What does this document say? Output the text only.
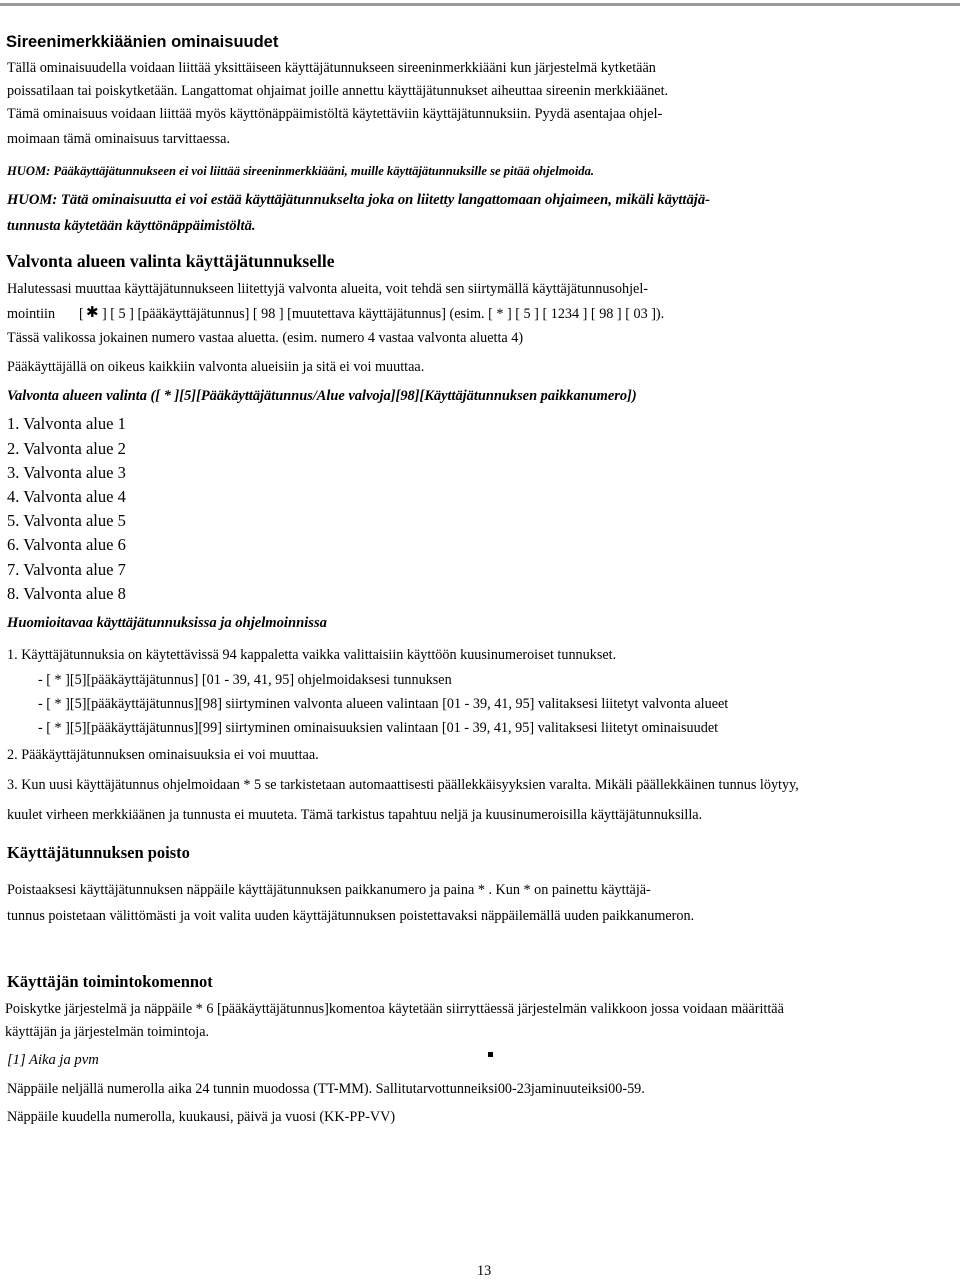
Sireenimerkkiäänien ominaisuudet
Tällä ominaisuudella voidaan liittää yksittäiseen käyttäjätunnukseen sireeninmerkkiääni kun järjestelmä kytketään
poissatilaan tai poiskytketään. Langattomat ohjaimat joille annettu käyttäjätunnukset aiheuttaa sireenin merkkiäänet.
Tämä ominaisuus voidaan liittää myös käyttönäppäimistöltä käytettäviin käyttäjätunnuksiin. Pyydä asentajaa ohjel-
moimaan tämä ominaisuus tarvittaessa.
HUOM: Pääkäyttäjätunnukseen ei voi liittää sireeninmerkkiääni, muille käyttäjätunnuksille se pitää ohjelmoida.
HUOM: Tätä ominaisuutta ei voi estää käyttäjätunnukselta joka on liitetty langattomaan ohjaimeen, mikäli käyttäjä-
tunnusta käytetään käyttönäppäimistöltä.
Valvonta alueen valinta käyttäjätunnukselle
Halutessasi muuttaa käyttäjätunnukseen liitettyjä valvonta alueita, voit tehdä sen siirtymällä käyttäjätunnusohjel-
mointiin [ ✱ ] [ 5 ] [pääkäyttäjätunnus] [ 98 ] [muutettava käyttäjätunnus] (esim. [ * ] [ 5 ] [ 1234 ] [ 98 ] [ 03 ]).
Tässä valikossa jokainen numero vastaa aluetta. (esim. numero 4 vastaa valvonta aluetta 4)
Pääkäyttäjällä on oikeus kaikkiin valvonta alueisiin ja sitä ei voi muuttaa.
Valvonta alueen valinta ([ * ][5][Pääkäyttäjätunnus/Alue valvoja][98][Käyttäjätunnuksen paikkanumero])
1. Valvonta alue 1
2. Valvonta alue 2
3. Valvonta alue 3
4. Valvonta alue 4
5. Valvonta alue 5
6. Valvonta alue 6
7. Valvonta alue 7
8. Valvonta alue 8
Huomioitavaa käyttäjätunnuksissa ja ohjelmoinnissa
1. Käyttäjätunnuksia on käytettävissä 94 kappaletta vaikka valittaisiin käyttöön kuusinumeroiset tunnukset.
- [ * ][5][pääkäyttäjätunnus] [01 - 39, 41, 95] ohjelmoidaksesi tunnuksen
- [ * ][5][pääkäyttäjätunnus][98] siirtyminen valvonta alueen valintaan [01 - 39, 41, 95] valitaksesi liitetyt valvonta alueet
- [ * ][5][pääkäyttäjätunnus][99] siirtyminen ominaisuuksien valintaan [01 - 39, 41, 95] valitaksesi liitetyt ominaisuudet
2. Pääkäyttäjätunnuksen ominaisuuksia ei voi muuttaa.
3. Kun uusi käyttäjätunnus ohjelmoidaan * 5 se tarkistetaan automaattisesti päällekkäisyyksien varalta. Mikäli päällekkäinen tunnus löytyy,
kuulet virheen merkkiäänen ja tunnusta ei muuteta. Tämä tarkistus tapahtuu neljä ja kuusinumeroisilla käyttäjätunnuksilla.
Käyttäjätunnuksen poisto
Poistaaksesi käyttäjätunnuksen näppäile käyttäjätunnuksen paikkanumero ja paina * . Kun * on painettu käyttäjä-
tunnus poistetaan välittömästi ja voit valita uuden käyttäjätunnuksen poistettavaksi näppäilemällä uuden paikkanumeron.
Käyttäjän toimintokomennot
Poiskytke järjestelmä ja näppäile * 6 [pääkäyttäjätunnus]komentoa käytetään siirryttäessä järjestelmän valikkoon jossa voidaan määrittää
käyttäjän ja järjestelmän toimintoja.
[1] Aika ja pvm
Näppäile neljällä numerolla aika 24 tunnin muodossa (TT-MM). Sallitutarvottunneiksi00-23jaminuuteiksi00-59.
Näppäile kuudella numerolla, kuukausi, päivä ja vuosi (KK-PP-VV)
13
